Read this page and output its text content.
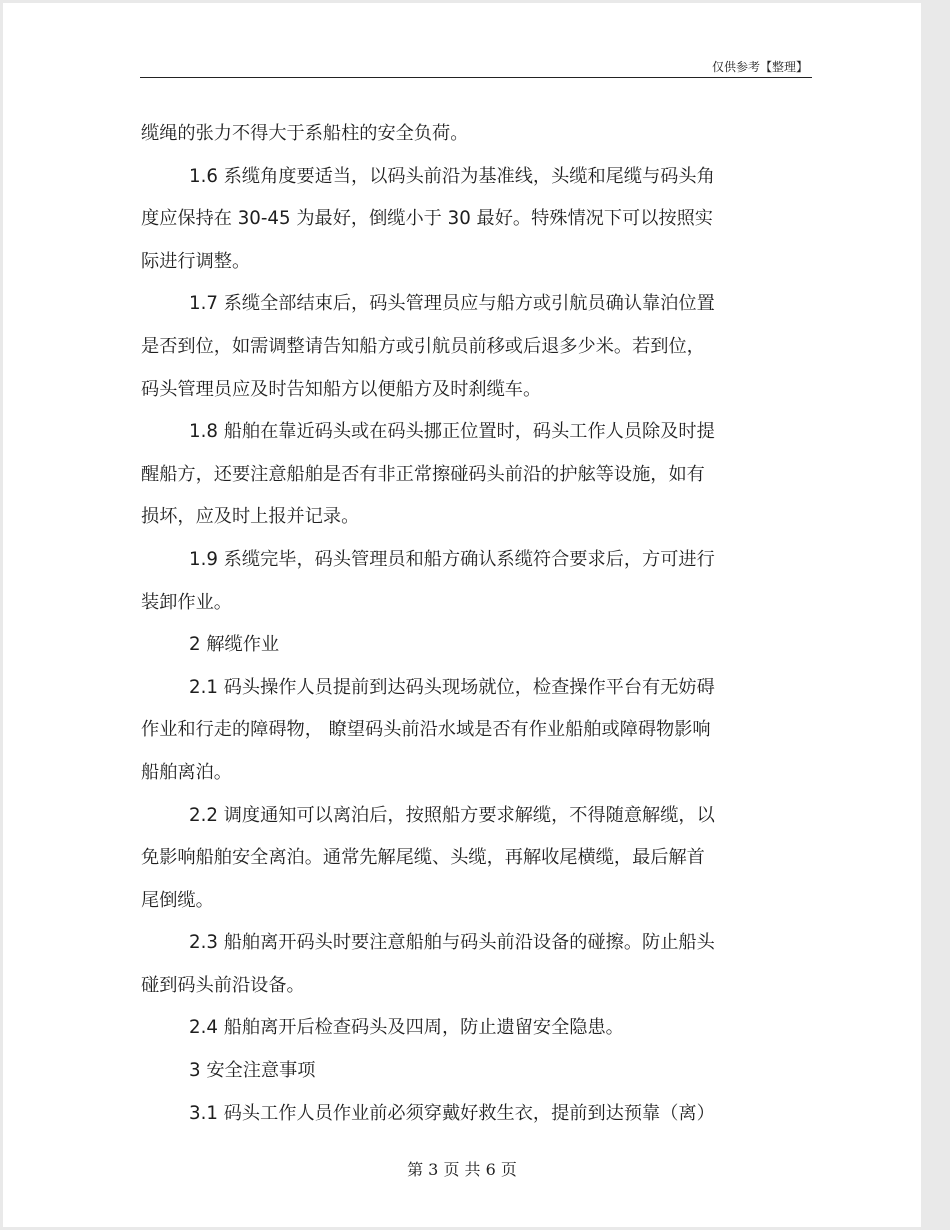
仅供参考【整理】
缆绳的张力不得大于系船柱的安全负荷。
1.6 系缆角度要适当，以码头前沿为基准线，头缆和尾缆与码头角
度应保持在 30-45 为最好，倒缆小于 30 最好。特殊情况下可以按照实
际进行调整。
1.7 系缆全部结束后，码头管理员应与船方或引航员确认靠泊位置
是否到位，如需调整请告知船方或引航员前移或后退多少米。若到位，
码头管理员应及时告知船方以便船方及时刹缆车。
1.8 船舶在靠近码头或在码头挪正位置时，码头工作人员除及时提
醒船方，还要注意船舶是否有非正常擦碰码头前沿的护舷等设施，如有
损坏，应及时上报并记录。
1.9 系缆完毕，码头管理员和船方确认系缆符合要求后，方可进行
装卸作业。
2 解缆作业
2.1 码头操作人员提前到达码头现场就位，检查操作平台有无妨碍
作业和行走的障碍物， 瞭望码头前沿水域是否有作业船舶或障碍物影响
船舶离泊。
2.2 调度通知可以离泊后，按照船方要求解缆，不得随意解缆，以
免影响船舶安全离泊。通常先解尾缆、头缆，再解收尾横缆，最后解首
尾倒缆。
2.3 船舶离开码头时要注意船舶与码头前沿设备的碰擦。防止船头
碰到码头前沿设备。
2.4 船舶离开后检查码头及四周，防止遗留安全隐患。
3 安全注意事项
3.1 码头工作人员作业前必须穿戴好救生衣，提前到达预靠（离）
第 3 页 共 6 页
